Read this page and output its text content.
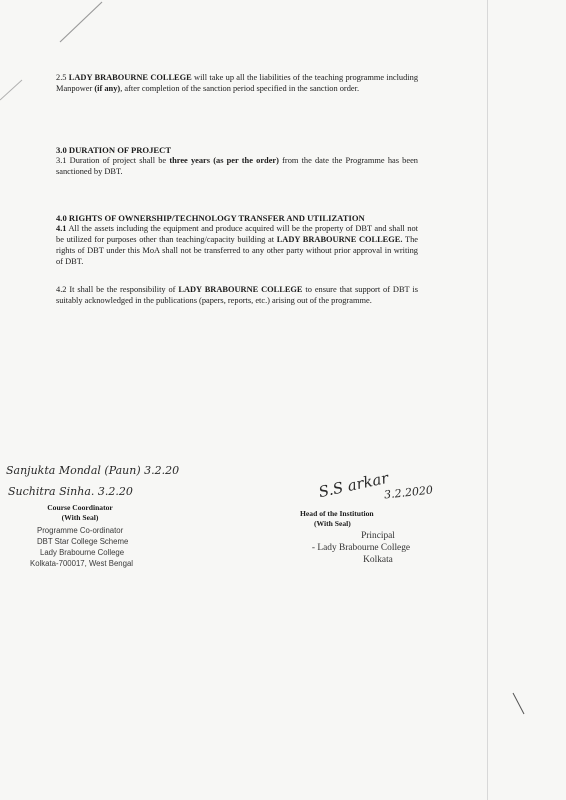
2.5 LADY BRABOURNE COLLEGE will take up all the liabilities of the teaching programme including Manpower (if any), after completion of the sanction period specified in the sanction order.
3.0 DURATION OF PROJECT
3.1 Duration of project shall be three years (as per the order) from the date the Programme has been sanctioned by DBT.
4.0 RIGHTS OF OWNERSHIP/TECHNOLOGY TRANSFER AND UTILIZATION
4.1 All the assets including the equipment and produce acquired will be the property of DBT and shall not be utilized for purposes other than teaching/capacity building at LADY BRABOURNE COLLEGE. The rights of DBT under this MoA shall not be transferred to any other party without prior approval in writing of DBT.
4.2 It shall be the responsibility of LADY BRABOURNE COLLEGE to ensure that support of DBT is suitably acknowledged in the publications (papers, reports, etc.) arising out of the programme.
Sanjukta Mondal (Paun) 3.2.20
Suchitra Sinha. 3.2.20
Course Coordinator
(With Seal)
Programme Co-ordinator
DBT Star College Scheme
Lady Brabourne College
Kolkata-700017, West Bengal
S.S arkar
3.2.2020
Head of the Institution
(With Seal)
Principal
- Lady Brabourne College
Kolkata
